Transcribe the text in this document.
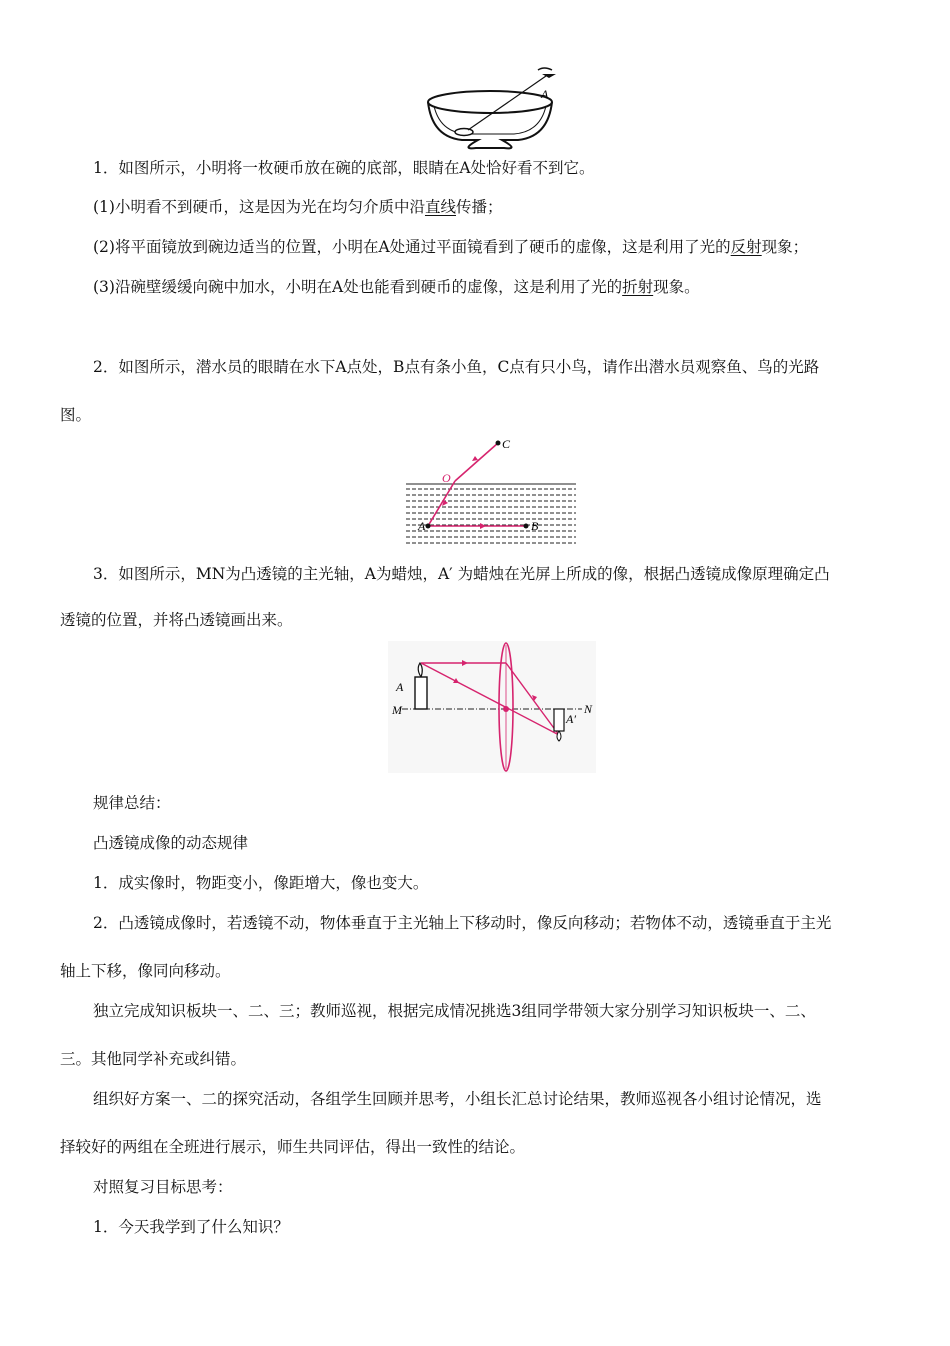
A
1．如图所示，小明将一枚硬币放在碗的底部，眼睛在A处恰好看不到它。
(1)小明看不到硬币，这是因为光在均匀介质中沿直线传播；
(2)将平面镜放到碗边适当的位置，小明在A处通过平面镜看到了硬币的虚像，这是利用了光的反射现象；
(3)沿碗壁缓缓向碗中加水，小明在A处也能看到硬币的虚像，这是利用了光的折射现象。
2．如图所示，潜水员的眼睛在水下A点处，B点有条小鱼，C点有只小鸟，请作出潜水员观察鱼、鸟的光路
图。
C
O
A	B
3．如图所示，MN为凸透镜的主光轴，A为蜡烛，A′ 为蜡烛在光屏上所成的像，根据凸透镜成像原理确定凸
透镜的位置，并将凸透镜画出来。
A
M
A′
N
规律总结：
凸透镜成像的动态规律
1．成实像时，物距变小，像距增大，像也变大。
2．凸透镜成像时，若透镜不动，物体垂直于主光轴上下移动时，像反向移动；若物体不动，透镜垂直于主光
轴上下移，像同向移动。
独立完成知识板块一、二、三；教师巡视，根据完成情况挑选3组同学带领大家分别学习知识板块一、二、
三。其他同学补充或纠错。
组织好方案一、二的探究活动，各组学生回顾并思考，小组长汇总讨论结果，教师巡视各小组讨论情况，选
择较好的两组在全班进行展示，师生共同评估，得出一致性的结论。
对照复习目标思考：
1．今天我学到了什么知识？
